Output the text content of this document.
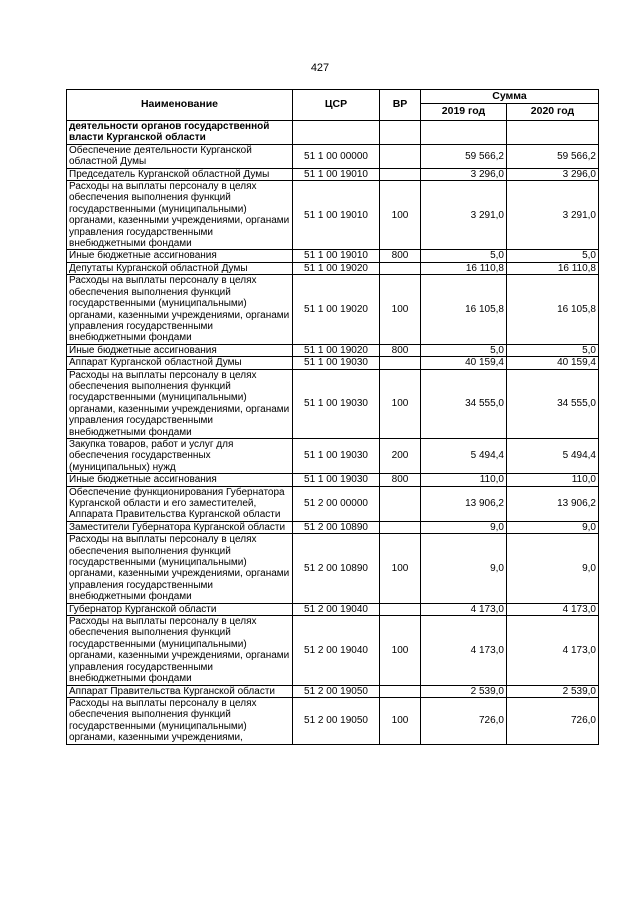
427
Наименование	ЦСР	ВР	Сумма	
			2019 год	2020 год
деятельности органов государственной власти Курганской области				
Обеспечение деятельности Курганской областной Думы	51 1 00 00000		59 566,2	59 566,2
Председатель Курганской областной Думы	51 1 00 19010		3 296,0	3 296,0
Расходы на выплаты персоналу в целях обеспечения выполнения функций государственными (муниципальными) органами, казенными учреждениями, органами управления государственными внебюджетными фондами	51 1 00 19010	100	3 291,0	3 291,0
Иные бюджетные ассигнования	51 1 00 19010	800	5,0	5,0
Депутаты Курганской областной Думы	51 1 00 19020		16 110,8	16 110,8
Расходы на выплаты персоналу в целях обеспечения выполнения функций государственными (муниципальными) органами, казенными учреждениями, органами управления государственными внебюджетными фондами	51 1 00 19020	100	16 105,8	16 105,8
Иные бюджетные ассигнования	51 1 00 19020	800	5,0	5,0
Аппарат Курганской областной Думы	51 1 00 19030		40 159,4	40 159,4
Расходы на выплаты персоналу в целях обеспечения выполнения функций государственными (муниципальными) органами, казенными учреждениями, органами управления государственными внебюджетными фондами	51 1 00 19030	100	34 555,0	34 555,0
Закупка товаров, работ и услуг для обеспечения государственных (муниципальных) нужд	51 1 00 19030	200	5 494,4	5 494,4
Иные бюджетные ассигнования	51 1 00 19030	800	110,0	110,0
Обеспечение функционирования Губернатора Курганской области и его заместителей, Аппарата Правительства Курганской области	51 2 00 00000		13 906,2	13 906,2
Заместители Губернатора Курганской области	51 2 00 10890		9,0	9,0
Расходы на выплаты персоналу в целях обеспечения выполнения функций государственными (муниципальными) органами, казенными учреждениями, органами управления государственными внебюджетными фондами	51 2 00 10890	100	9,0	9,0
Губернатор Курганской области	51 2 00 19040		4 173,0	4 173,0
Расходы на выплаты персоналу в целях обеспечения выполнения функций государственными (муниципальными) органами, казенными учреждениями, органами управления государственными внебюджетными фондами	51 2 00 19040	100	4 173,0	4 173,0
Аппарат Правительства Курганской области	51 2 00 19050		2 539,0	2 539,0
Расходы на выплаты персоналу в целях обеспечения выполнения функций государственными (муниципальными) органами, казенными учреждениями,	51 2 00 19050	100	726,0	726,0
